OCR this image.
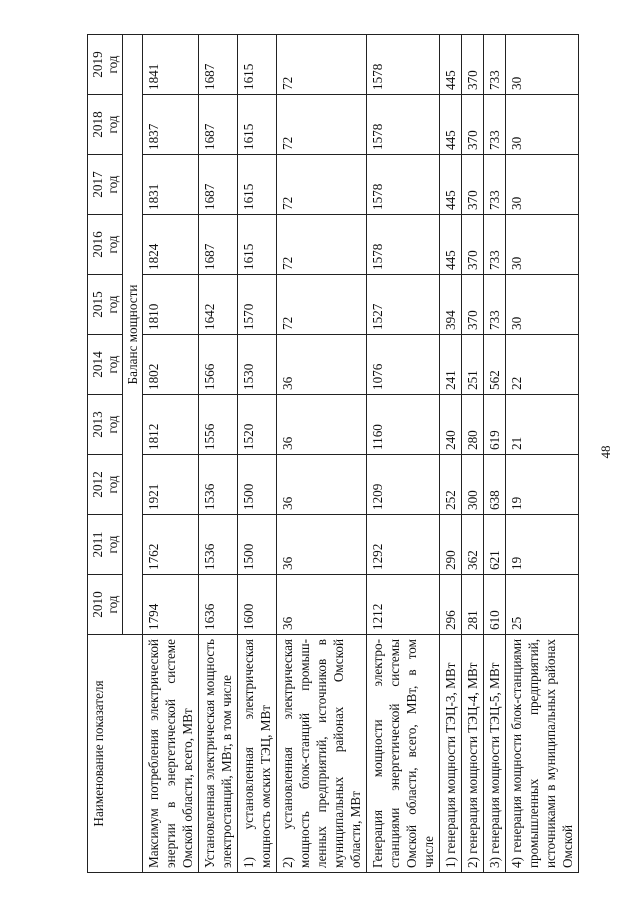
48
Наименование показателя	2010 год	2011 год	2012 год	2013 год	2014 год	2015 год	2016 год	2017 год	2018 год	2019 год

	Баланс мощности									
Максимум потребления электрической энергии в энергетической системе Омской области, всего, МВт	1794	1762	1921	1812	1802	1810	1824	1831	1837	1841
Установленная электрическая мощность электростанций, МВт, в том числе	1636	1536	1536	1556	1566	1642	1687	1687	1687	1687
1) установленная электрическая мощность омских ТЭЦ, МВт	1600	1500	1500	1520	1530	1570	1615	1615	1615	1615
2) установленная электрическая мощность блок-станций промыш-ленных предприятий, источников в муниципальных районах Омской области, МВт	36	36	36	36	36	72	72	72	72	72
Генерация мощности электро-станциями энергетической системы Омской области, всего, МВт, в том числе	1212	1292	1209	1160	1076	1527	1578	1578	1578	1578
1) генерация мощности ТЭЦ-3, МВт	296	290	252	240	241	394	445	445	445	445
2) генерация мощности ТЭЦ-4, МВт	281	362	300	280	251	370	370	370	370	370
3) генерация мощности ТЭЦ-5, МВт	610	621	638	619	562	733	733	733	733	733
4) генерация мощности блок-станциями промышленных предприятий, источниками в муниципальных районах Омской	25	19	19	21	22	30	30	30	30	30
